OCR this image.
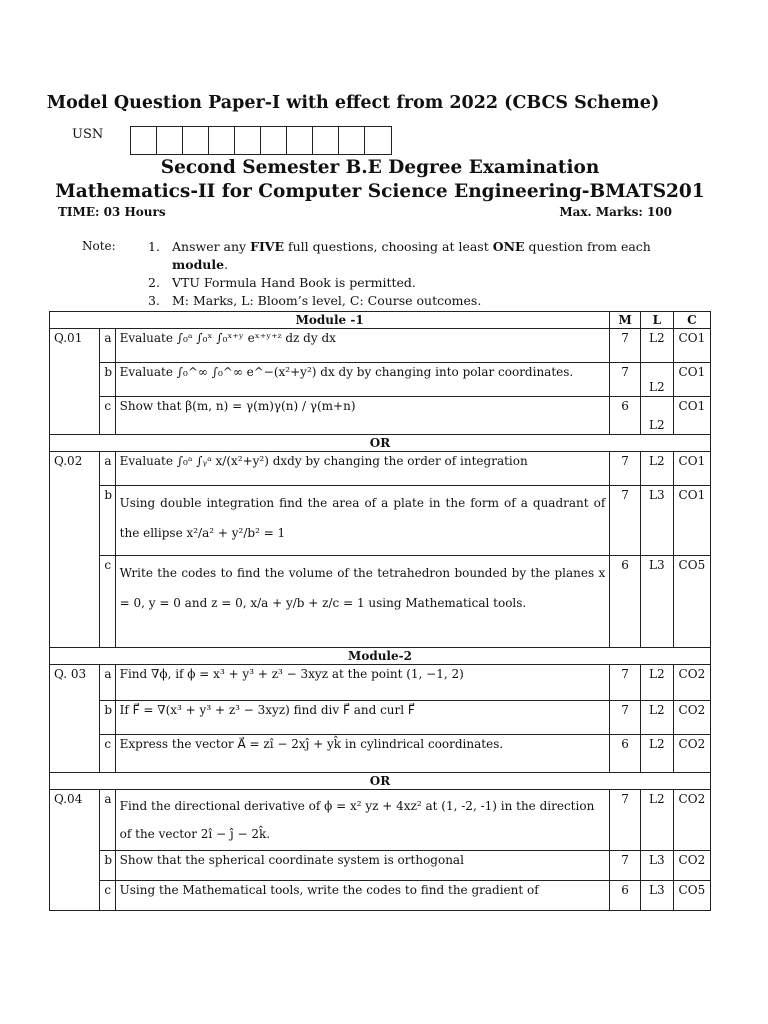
Model Question Paper-I with effect from 2022 (CBCS Scheme)
USN
Second Semester B.E Degree Examination
Mathematics-II for Computer Science Engineering-BMATS201
TIME: 03 Hours	Max. Marks: 100
Note:	1. Answer any FIVE full questions, choosing at least ONE question from each module.
2. VTU Formula Hand Book is permitted.
3. M: Marks, L: Bloom’s level, C: Course outcomes.
Module -1			M	L	C
Q.01	a	Evaluate ∫₀ᵃ ∫₀ˣ ∫₀ˣ⁺ʸ eˣ⁺ʸ⁺ᶻ dz dy dx	7	L2	CO1
	b	Evaluate ∫₀^∞ ∫₀^∞ e^−(x²+y²) dx dy by changing into polar coordinates.	7	L2	CO1
	c	Show that β(m, n) = γ(m)γ(n) / γ(m+n)	6	L2	CO1
OR					
Q.02	a	Evaluate ∫₀ᵃ ∫ᵧᵃ x/(x²+y²) dxdy by changing the order of integration	7	L2	CO1
	b	Using double integration find the area of a plate in the form of a quadrant of the ellipse x²/a² + y²/b² = 1	7	L3	CO1
	c	Write the codes to find the volume of the tetrahedron bounded by the planes x = 0, y = 0 and z = 0, x/a + y/b + z/c = 1 using Mathematical tools.	6	L3	CO5
Module-2					
Q. 03	a	Find ∇ϕ, if ϕ = x³ + y³ + z³ − 3xyz at the point (1, −1, 2)	7	L2	CO2
	b	If F⃗ = ∇(x³ + y³ + z³ − 3xyz) find div F⃗ and curl F⃗	7	L2	CO2
	c	Express the vector A⃗ = zî − 2xĵ + yk̂ in cylindrical coordinates.	6	L2	CO2
OR					
Q.04	a	Find the directional derivative of ϕ = x² yz + 4xz² at (1, -2, -1) in the direction of the vector 2î − ĵ − 2k̂.	7	L2	CO2
	b	Show that the spherical coordinate system is orthogonal	7	L3	CO2
	c	Using the Mathematical tools, write the codes to find the gradient of	6	L3	CO5
